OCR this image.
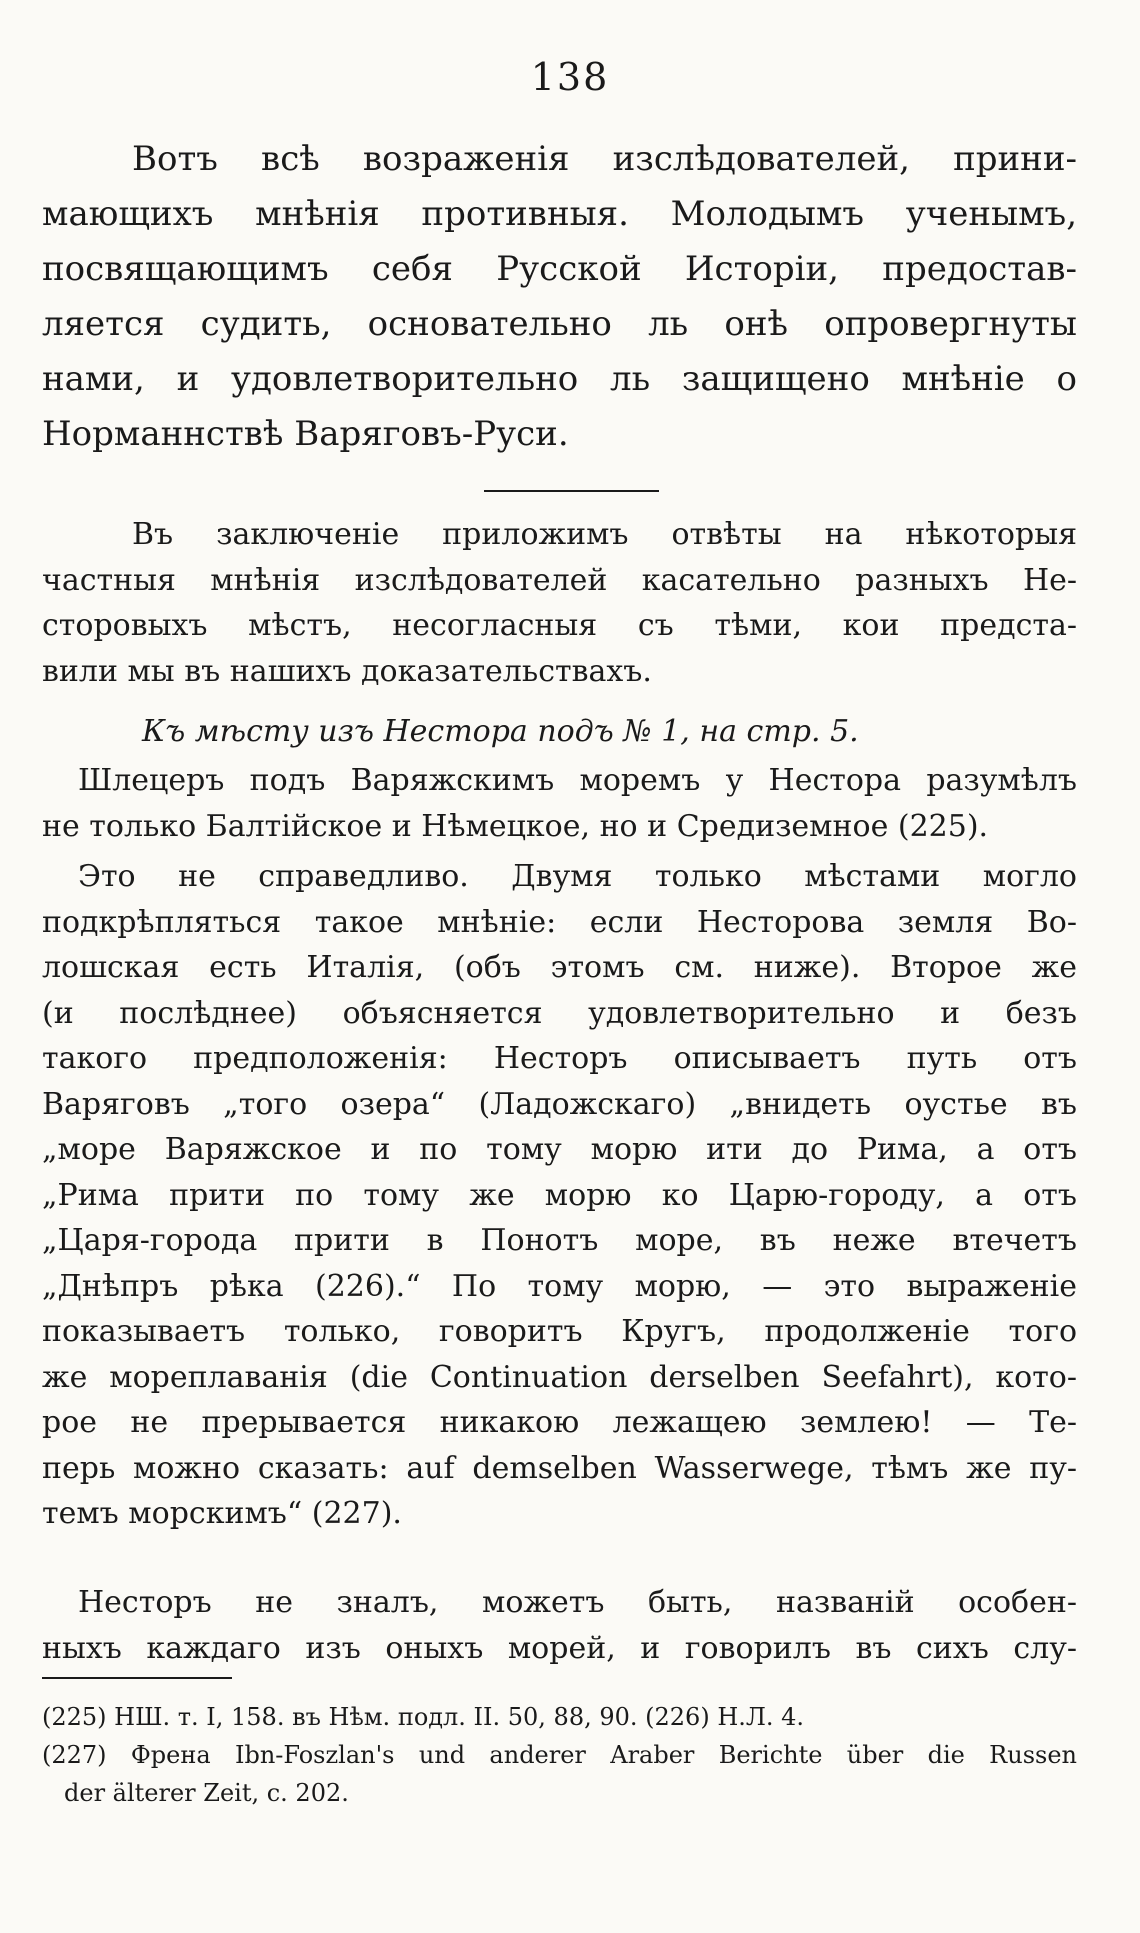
138
Вотъ всѣ возраженія изслѣдователей, прини-
мающихъ мнѣнія противныя. Молодымъ ученымъ,
посвящающимъ себя Русской Исторіи, предостав-
ляется судить, основательно ль онѣ опровергнуты
нами, и удовлетворительно ль защищено мнѣніе о
Норманнствѣ Варяговъ-Руси.
Въ заключеніе приложимъ отвѣты на нѣкоторыя
частныя мнѣнія изслѣдователей касательно разныхъ Не-
сторовыхъ мѣстъ, несогласныя съ тѣми, кои предста-
вили мы въ нашихъ доказательствахъ.
Къ мѣсту изъ Нестора подъ № 1, на стр. 5.
Шлецеръ подъ Варяжскимъ моремъ у Нестора разумѣлъ
не только Балтійское и Нѣмецкое, но и Средиземное (225).
Это не справедливо. Двумя только мѣстами могло
подкрѣпляться такое мнѣніе: если Несторова земля Во-
лошская есть Италія, (объ этомъ см. ниже). Второе же
(и послѣднее) объясняется удовлетворительно и безъ
такого предположенія: Несторъ описываетъ путь отъ
Варяговъ „того озера“ (Ладожскаго) „внидеть оустье въ
„море Варяжское и по тому морю ити до Рима, а отъ
„Рима прити по тому же морю ко Царю-городу, а отъ
„Царя-города прити в Понотъ море, въ неже втечетъ
„Днѣпръ рѣка (226).“ По тому морю, — это выраженіе
показываетъ только, говоритъ Кругъ, продолженіе того
же мореплаванія (die Continuation derselben Seefahrt), кото-
рое не прерывается никакою лежащею землею! — Те-
перь можно сказать: auf demselben Wasserwege, тѣмъ же пу-
темъ морскимъ“ (227).
Несторъ не зналъ, можетъ быть, названій особен-
ныхъ каждаго изъ оныхъ морей, и говорилъ въ сихъ слу-
(225) НШ. т. I, 158. въ Нѣм. подл. II. 50, 88, 90. (226) Н.Л. 4.
(227) Френа Ibn-Foszlan's und anderer Araber Berichte über die Russen
der älterer Zeit, с. 202.
